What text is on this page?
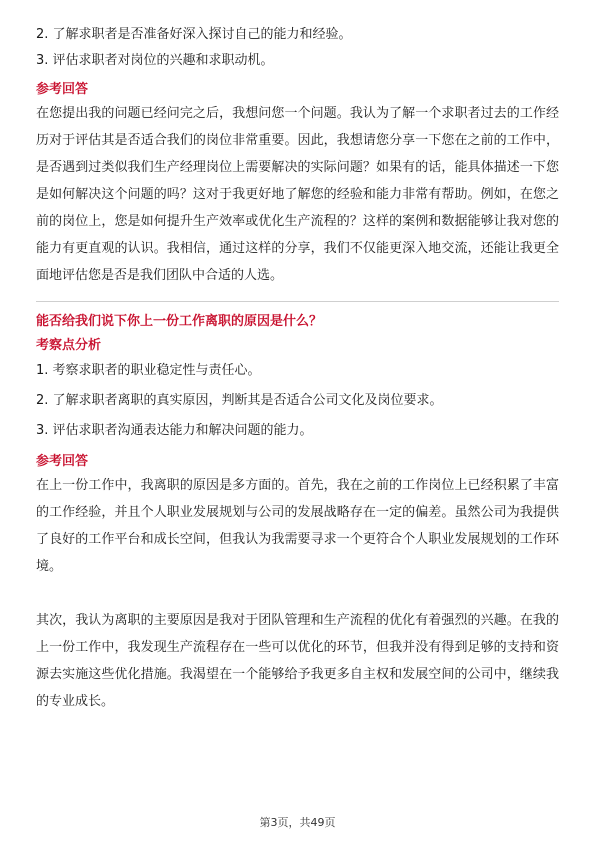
2. 了解求职者是否准备好深入探讨自己的能力和经验。
3. 评估求职者对岗位的兴趣和求职动机。
参考回答

在您提出我的问题已经问完之后，我想问您一个问题。我认为了解一个求职者过去的工作经历对于评估其是否适合我们的岗位非常重要。因此，我想请您分享一下您在之前的工作中，是否遇到过类似我们生产经理岗位上需要解决的实际问题？如果有的话，能具体描述一下您是如何解决这个问题的吗？这对于我更好地了解您的经验和能力非常有帮助。例如，在您之前的岗位上，您是如何提升生产效率或优化生产流程的？这样的案例和数据能够让我对您的能力有更直观的认识。我相信，通过这样的分享，我们不仅能更深入地交流，还能让我更全面地评估您是否是我们团队中合适的人选。

能否给我们说下你上一份工作离职的原因是什么？
考察点分析
1. 考察求职者的职业稳定性与责任心。
2. 了解求职者离职的真实原因，判断其是否适合公司文化及岗位要求。
3. 评估求职者沟通表达能力和解决问题的能力。
参考回答

在上一份工作中，我离职的原因是多方面的。首先，我在之前的工作岗位上已经积累了丰富的工作经验，并且个人职业发展规划与公司的发展战略存在一定的偏差。虽然公司为我提供了良好的工作平台和成长空间，但我认为我需要寻求一个更符合个人职业发展规划的工作环境。

其次，我认为离职的主要原因是我对于团队管理和生产流程的优化有着强烈的兴趣。在我的上一份工作中，我发现生产流程存在一些可以优化的环节，但我并没有得到足够的支持和资源去实施这些优化措施。我渴望在一个能够给予我更多自主权和发展空间的公司中，继续我的专业成长。

第3页，共49页
